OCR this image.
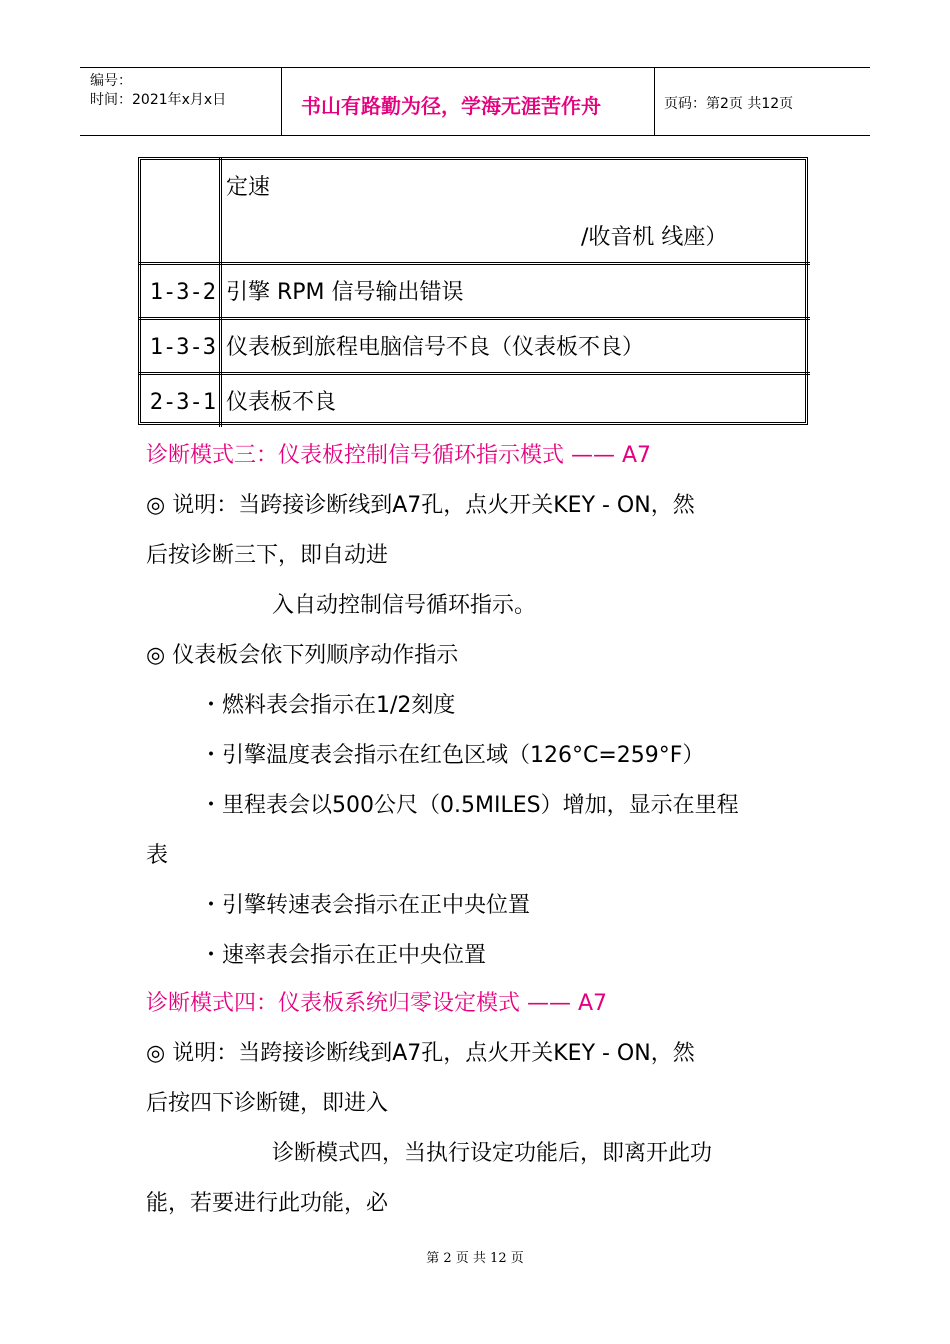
编号：
时间：2021年x月x日	书山有路勤为径，学海无涯苦作舟	页码：第2页 共12页
定速
/收音机 线座）
1-3-2 引擎 RPM 信号输出错误
1-3-3 仪表板到旅程电脑信号不良（仪表板不良）
2-3-1 仪表板不良
诊断模式三：仪表板控制信号循环指示模式 —— A7
◎ 说明：当跨接诊断线到A7孔，点火开关KEY - ON，然
后按诊断三下，即自动进
入自动控制信号循环指示。
◎ 仪表板会依下列顺序动作指示
・燃料表会指示在1/2刻度
・引擎温度表会指示在红色区域（126°C=259°F）
・里程表会以500公尺（0.5MILES）增加，显示在里程
表
・引擎转速表会指示在正中央位置
・速率表会指示在正中央位置
诊断模式四：仪表板系统归零设定模式 —— A7
◎ 说明：当跨接诊断线到A7孔，点火开关KEY - ON，然
后按四下诊断键，即进入
诊断模式四，当执行设定功能后，即离开此功
能，若要进行此功能，必
第 2 页 共 12 页
